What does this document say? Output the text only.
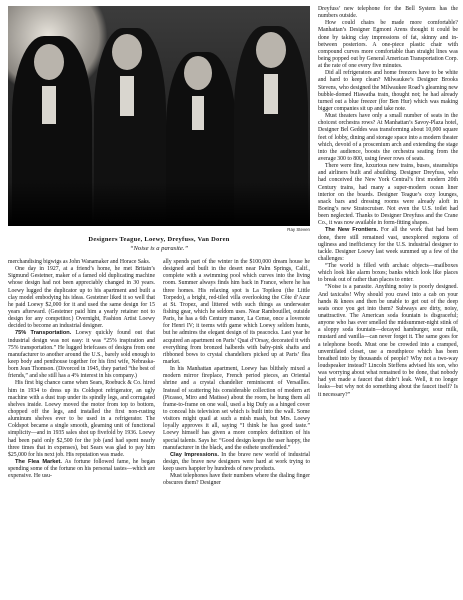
Ray Steven
Designers Teague, Loewy, Dreyfuss, Van Doren
“Noise is a parasite.”

merchandising bigwigs as John Wanamaker and Horace Saks.

One day in 1927, at a friend’s home, he met Britain’s Sigmund Gestetner, maker of a famed old duplicating machine whose design had not been appreciably changed in 30 years. Loewy lugged the duplicator up to his apartment and built a clay model embodying his ideas. Gestetner liked it so well that he paid Loewy $2,000 for it and used the same design for 15 years afterward. (Gestetner paid him a yearly retainer not to design for any competitor.) Overnight, Fashion Artist Loewy decided to become an industrial designer.

75% Transportation. Loewy quickly found out that industrial design was not easy: it was “25% inspiration and 75% transportation.” He lugged briefcases of designs from one manufacturer to another around the U.S., barely sold enough to keep body and penthouse together for his first wife, Nebraska-born Jean Thomson. (Divorced in 1945, they parted “the best of friends,” and she still has a 4% interest in his company.)

His first big chance came when Sears, Roebuck & Co. hired him in 1934 to dress up its Coldspot refrigerator, an ugly machine with a dust trap under its spindly legs, and corrugated shelves inside. Loewy moved the motor from top to bottom, chopped off the legs, and installed the first non-rusting aluminum shelves ever to be used in a refrigerator. The Coldspot became a single smooth, gleaming unit of functional simplicity—and in 1935 sales shot up fivefold by 1936. Loewy had been paid only $2,500 for the job (and had spent nearly three times that in expenses), but Sears was glad to pay him $25,000 for his next job. His reputation was made.

The Flea Market. As fortune followed fame, he began spending some of the fortune on his personal tastes—which are expensive. He usu-

ally spends part of the winter in the $100,000 dream house he designed and built in the desert near Palm Springs, Calif., complete with a swimming pool which curves into the living room. Summer always finds him back in France, where he has three homes. His relaxing spot is La Topikou (the Little Torpedo), a bright, red-tiled villa overlooking the Côte d’Azur at St. Tropez, and littered with such things as underwater fishing gear, which he seldom uses. Near Rambouillet, outside Paris, he has a 6th Century manor, La Cense, once a lovenote for Henri IV; it teems with game which Loewy seldom hunts, but he admires the elegant design of its peacocks. Last year he acquired an apartment on Paris’ Quai d’Orsay, decorated it with everything from bronzed halberds with baby-pink shafts and ribboned bows to crystal chandeliers picked up at Paris’ flea market.

In his Manhattan apartment, Loewy has blithely mixed a modern mirror fireplace, French period pieces, an Oriental shrine and a crystal chandelier reminiscent of Versailles. Instead of scattering his considerable collection of modern art (Picasso, Miro and Matisse) about the room, he hung them all frame-to-frame on one wall, used a big Dufy as a hinged cover to conceal his television set which is built into the wall. Some visitors might quail at such a mish mash, but Mrs. Loewy loyally approves it all, saying “I think he has good taste.” Loewy himself has given a more complex definition of his special talents. Says he: “Good design keeps the user happy, the manufacturer in the black, and the esthete unoffended.”

Clay Impressions. In the brave new world of industrial design, the brave new designers were hard at work trying to keep users happier by hundreds of new products.

Must telephones have their numbers where the dialing finger obscures them? Designer

Dreyfuss’ new telephone for the Bell System has the numbers outside.

How could chairs be made more comfortable? Manhattan’s Designer Egmont Arens thought it could be done by taking clay impressions of fat, skinny and in-between posteriors. A one-piece plastic chair with compound curves more comfortable than straight lines was being popped out by General American Transportation Corp. at the rate of one every five minutes.

Did all refrigerators and home freezers have to be white and hard to keep clean? Milwaukee’s Designer Brooks Stevens, who designed the Milwaukee Road’s gleaming new bubble-domed Hiawatha train, thought not; he had already turned out a blue freezer (for Ben Hur) which was making bigger companies sit up and take note.

Must theaters have only a small number of seats in the choicest orchestra rows? At Manhattan’s Savoy-Plaza hotel, Designer Bel Geddes was transforming about 10,000 square feet of lobby, dining and storage space into a modern theater which, devoid of a proscenium arch and extending the stage into the audience, boosts the orchestra seating from the average 300 to 800, using fewer rows of seats.

There were fine, luxurious new trains, buses, steamships and airliners built and abuilding. Designer Dreyfuss, who had conceived the New York Central’s first modern 20th Century trains, had many a super-modern ocean liner interior on the boards. Designer Teague’s cozy lounges, snack bars and dressing rooms were already aloft in Boeing’s new Stratocruiser. Not even the U.S. toilet had been neglected. Thanks to Designer Dreyfuss and the Crane Co., it was now available in form-fitting shapes.

The New Frontiers. For all the work that had been done, there still remained vast, unexplored regions of ugliness and inefficiency for the U.S. industrial designer to tackle. Designer Loewy last week summed up a few of the challenges:

“The world is filled with archaic objects—mailboxes which look like alarm boxes; banks which look like places to break out of rather than places to enter.

“Noise is a parasite. Anything noisy is poorly designed. And taxicabs! Why should you crawl into a cab on your hands & knees and then be unable to get out of the deep seats once you get into them? Subways are dirty, noisy, unattractive. The American soda fountain is disgraceful; anyone who has ever smelled the midsummer-night stink of a sloppy soda fountain—decayed hamburger, sour milk, mustard and vanilla—can never forget it. The same goes for a telephone booth. Must one be crowded into a cramped, unventilated closet, use a mouthpiece which has been breathed into by thousands of people? Why not a two-way loudspeaker instead? Lincoln Steffens advised his son, who was worrying about what remained to be done, that nobody had yet made a faucet that didn’t leak. Well, it no longer leaks—but why not do something about the faucet itself? Is it necessary?”
